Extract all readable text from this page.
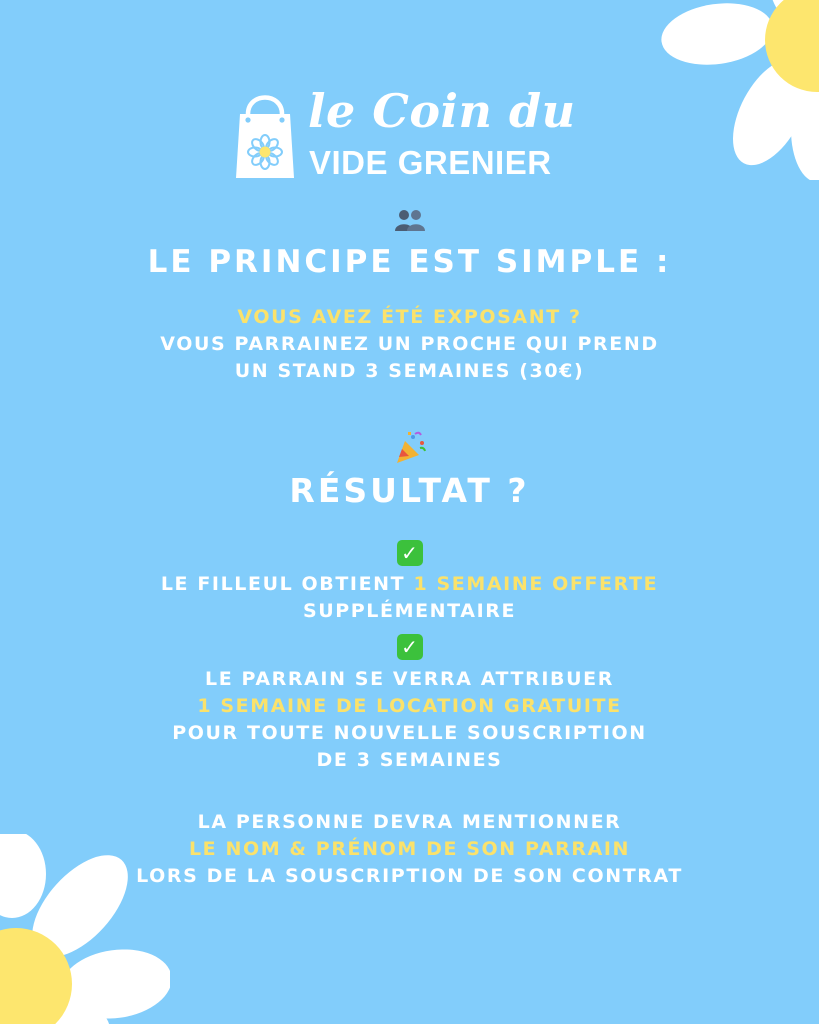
le Coin du
VIDE GRENIER
LE PRINCIPE EST SIMPLE :
VOUS AVEZ ÉTÉ EXPOSANT ?
VOUS PARRAINEZ UN PROCHE QUI PREND
UN STAND 3 SEMAINES (30€)
RÉSULTAT ?
✓
LE FILLEUL OBTIENT 1 SEMAINE OFFERTE
SUPPLÉMENTAIRE
✓
LE PARRAIN SE VERRA ATTRIBUER
1 SEMAINE DE LOCATION GRATUITE
POUR TOUTE NOUVELLE SOUSCRIPTION
DE 3 SEMAINES
LA PERSONNE DEVRA MENTIONNER
LE NOM & PRÉNOM DE SON PARRAIN
LORS DE LA SOUSCRIPTION DE SON CONTRAT
